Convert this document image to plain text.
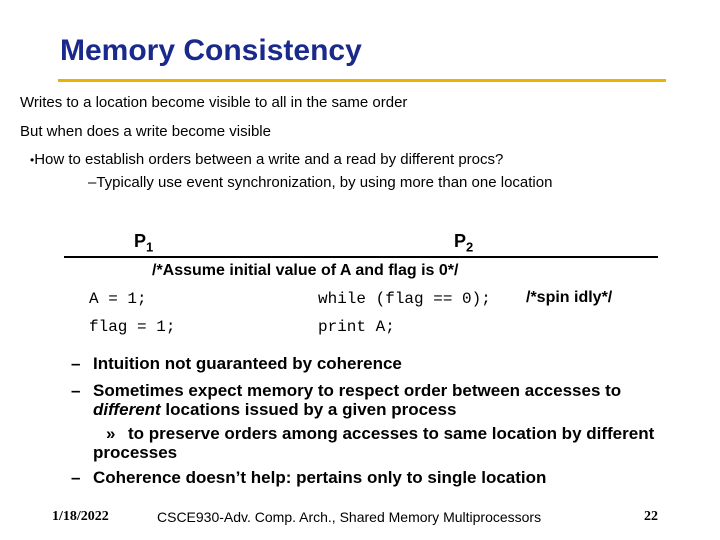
Memory Consistency
Writes to a location become visible to all in the same order
But when does a write become visible
•How to establish orders between a write and a read by different procs?
–Typically use event synchronization, by using more than one location
$P_1$	$P_2$
/*Assume initial value of A and flag is 0*/
A = 1;	while (flag == 0); /*spin idly*/
flag = 1;	print A;
– Intuition not guaranteed by coherence
– Sometimes expect memory to respect order between accesses to
different locations issued by a given process
» to preserve orders among accesses to same location by different
processes
– Coherence doesn’t help: pertains only to single location
1/18/2022	CSCE930-Adv. Comp. Arch., Shared Memory Multiprocessors	22
